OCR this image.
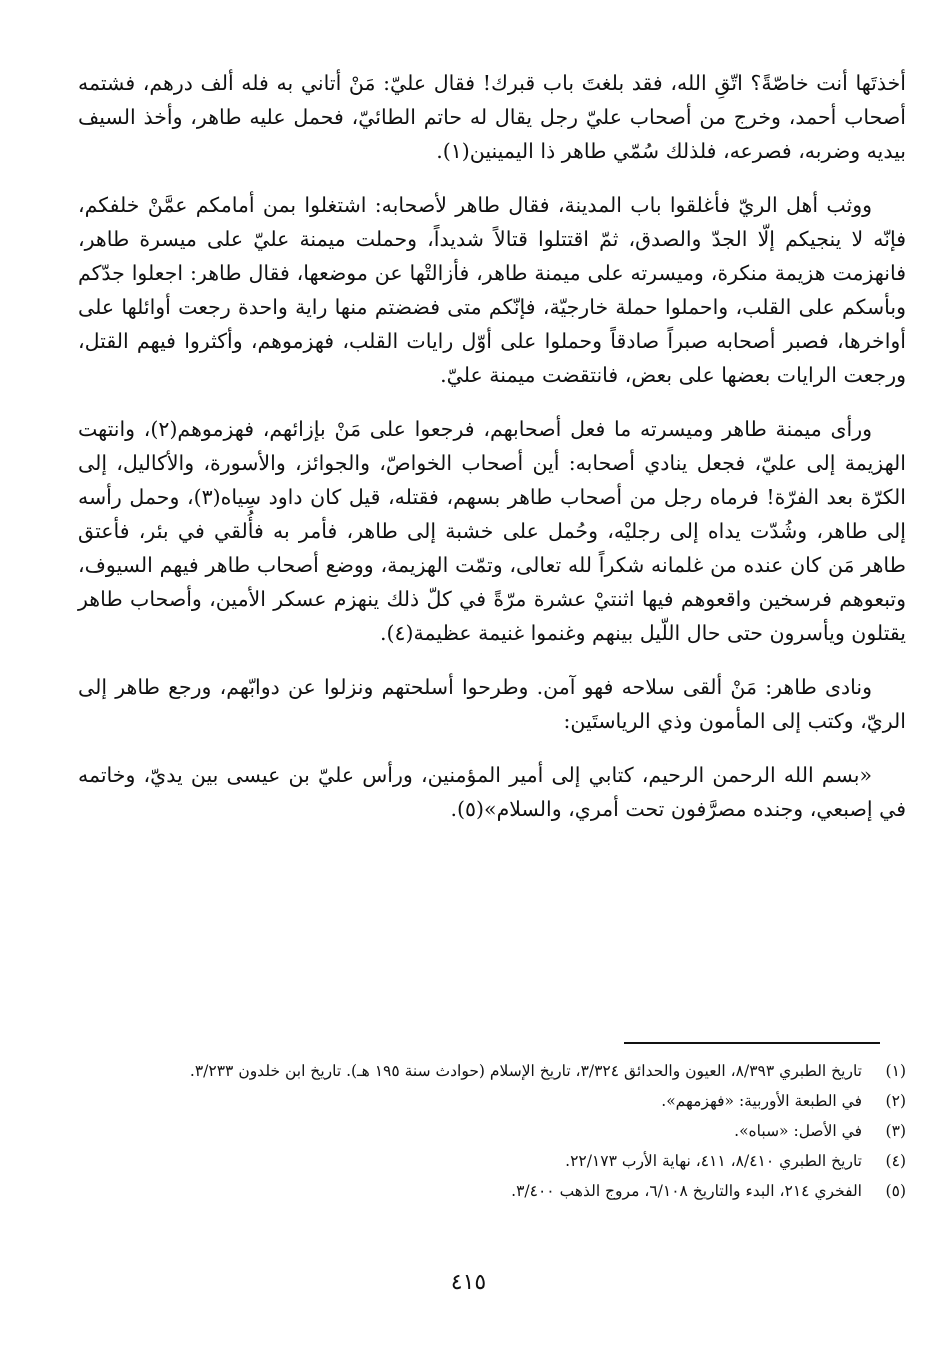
أخذتَها أنت خاصّةً؟ اتّقِ الله، فقد بلغتَ باب قبرك! فقال عليّ: مَنْ أتاني به فله ألف درهم، فشتمه أصحاب أحمد، وخرج من أصحاب عليّ رجل يقال له حاتم الطائيّ، فحمل عليه طاهر، وأخذ السيف بيديه وضربه، فصرعه، فلذلك سُمّي طاهر ذا اليمينين(١).

ووثب أهل الريّ فأغلقوا باب المدينة، فقال طاهر لأصحابه: اشتغلوا بمن أمامكم عمَّنْ خلفكم، فإنّه لا ينجيكم إلّا الجدّ والصدق، ثمّ اقتتلوا قتالاً شديداً، وحملت ميمنة عليّ على ميسرة طاهر، فانهزمت هزيمة منكرة، وميسرته على ميمنة طاهر، فأزالتْها عن موضعها، فقال طاهر: اجعلوا جدّكم وبأسكم على القلب، واحملوا حملة خارجيّة، فإنّكم متى فضضتم منها راية واحدة رجعت أوائلها على أواخرها، فصبر أصحابه صبراً صادقاً وحملوا على أوّل رايات القلب، فهزموهم، وأكثروا فيهم القتل، ورجعت الرايات بعضها على بعض، فانتقضت ميمنة عليّ.

ورأى ميمنة طاهر وميسرته ما فعل أصحابهم، فرجعوا على مَنْ بإزائهم، فهزموهم(٢)، وانتهت الهزيمة إلى عليّ، فجعل ينادي أصحابه: أين أصحاب الخواصّ، والجوائز، والأسورة، والأكاليل، إلى الكرّة بعد الفرّة! فرماه رجل من أصحاب طاهر بسهم، فقتله، قيل كان داود سِياه(٣)، وحمل رأسه إلى طاهر، وشُدّت يداه إلى رجليْه، وحُمل على خشبة إلى طاهر، فأمر به فأُلقي في بئر، فأعتق طاهر مَن كان عنده من غلمانه شكراً لله تعالى، وتمّت الهزيمة، ووضع أصحاب طاهر فيهم السيوف، وتبعوهم فرسخين واقعوهم فيها اثنتيْ عشرة مرّةً في كلّ ذلك ينهزم عسكر الأمين، وأصحاب طاهر يقتلون ويأسرون حتى حال اللّيل بينهم وغنموا غنيمة عظيمة(٤).

ونادى طاهر: مَنْ ألقى سلاحه فهو آمن. وطرحوا أسلحتهم ونزلوا عن دوابّهم، ورجع طاهر إلى الريّ، وكتب إلى المأمون وذي الرياستَين:

«بسم الله الرحمن الرحيم، كتابي إلى أمير المؤمنين، ورأس عليّ بن عيسى بين يديّ، وخاتمه في إصبعي، وجنده مصرَّفون تحت أمري، والسلام»(٥).

(١)
تاريخ الطبري ٨/٣٩٣، العيون والحدائق ٣/٣٢٤، تاريخ الإسلام (حوادث سنة ١٩٥ هـ). تاريخ ابن خلدون ٣/٢٣٣.
(٢)
في الطبعة الأوربية: «فهزمهم».
(٣)
في الأصل: «سباه».
(٤)
تاريخ الطبري ٨/٤١٠، ٤١١، نهاية الأرب ٢٢/١٧٣.
(٥)
الفخري ٢١٤، البدء والتاريخ ٦/١٠٨، مروج الذهب ٣/٤٠٠.
٤١٥
